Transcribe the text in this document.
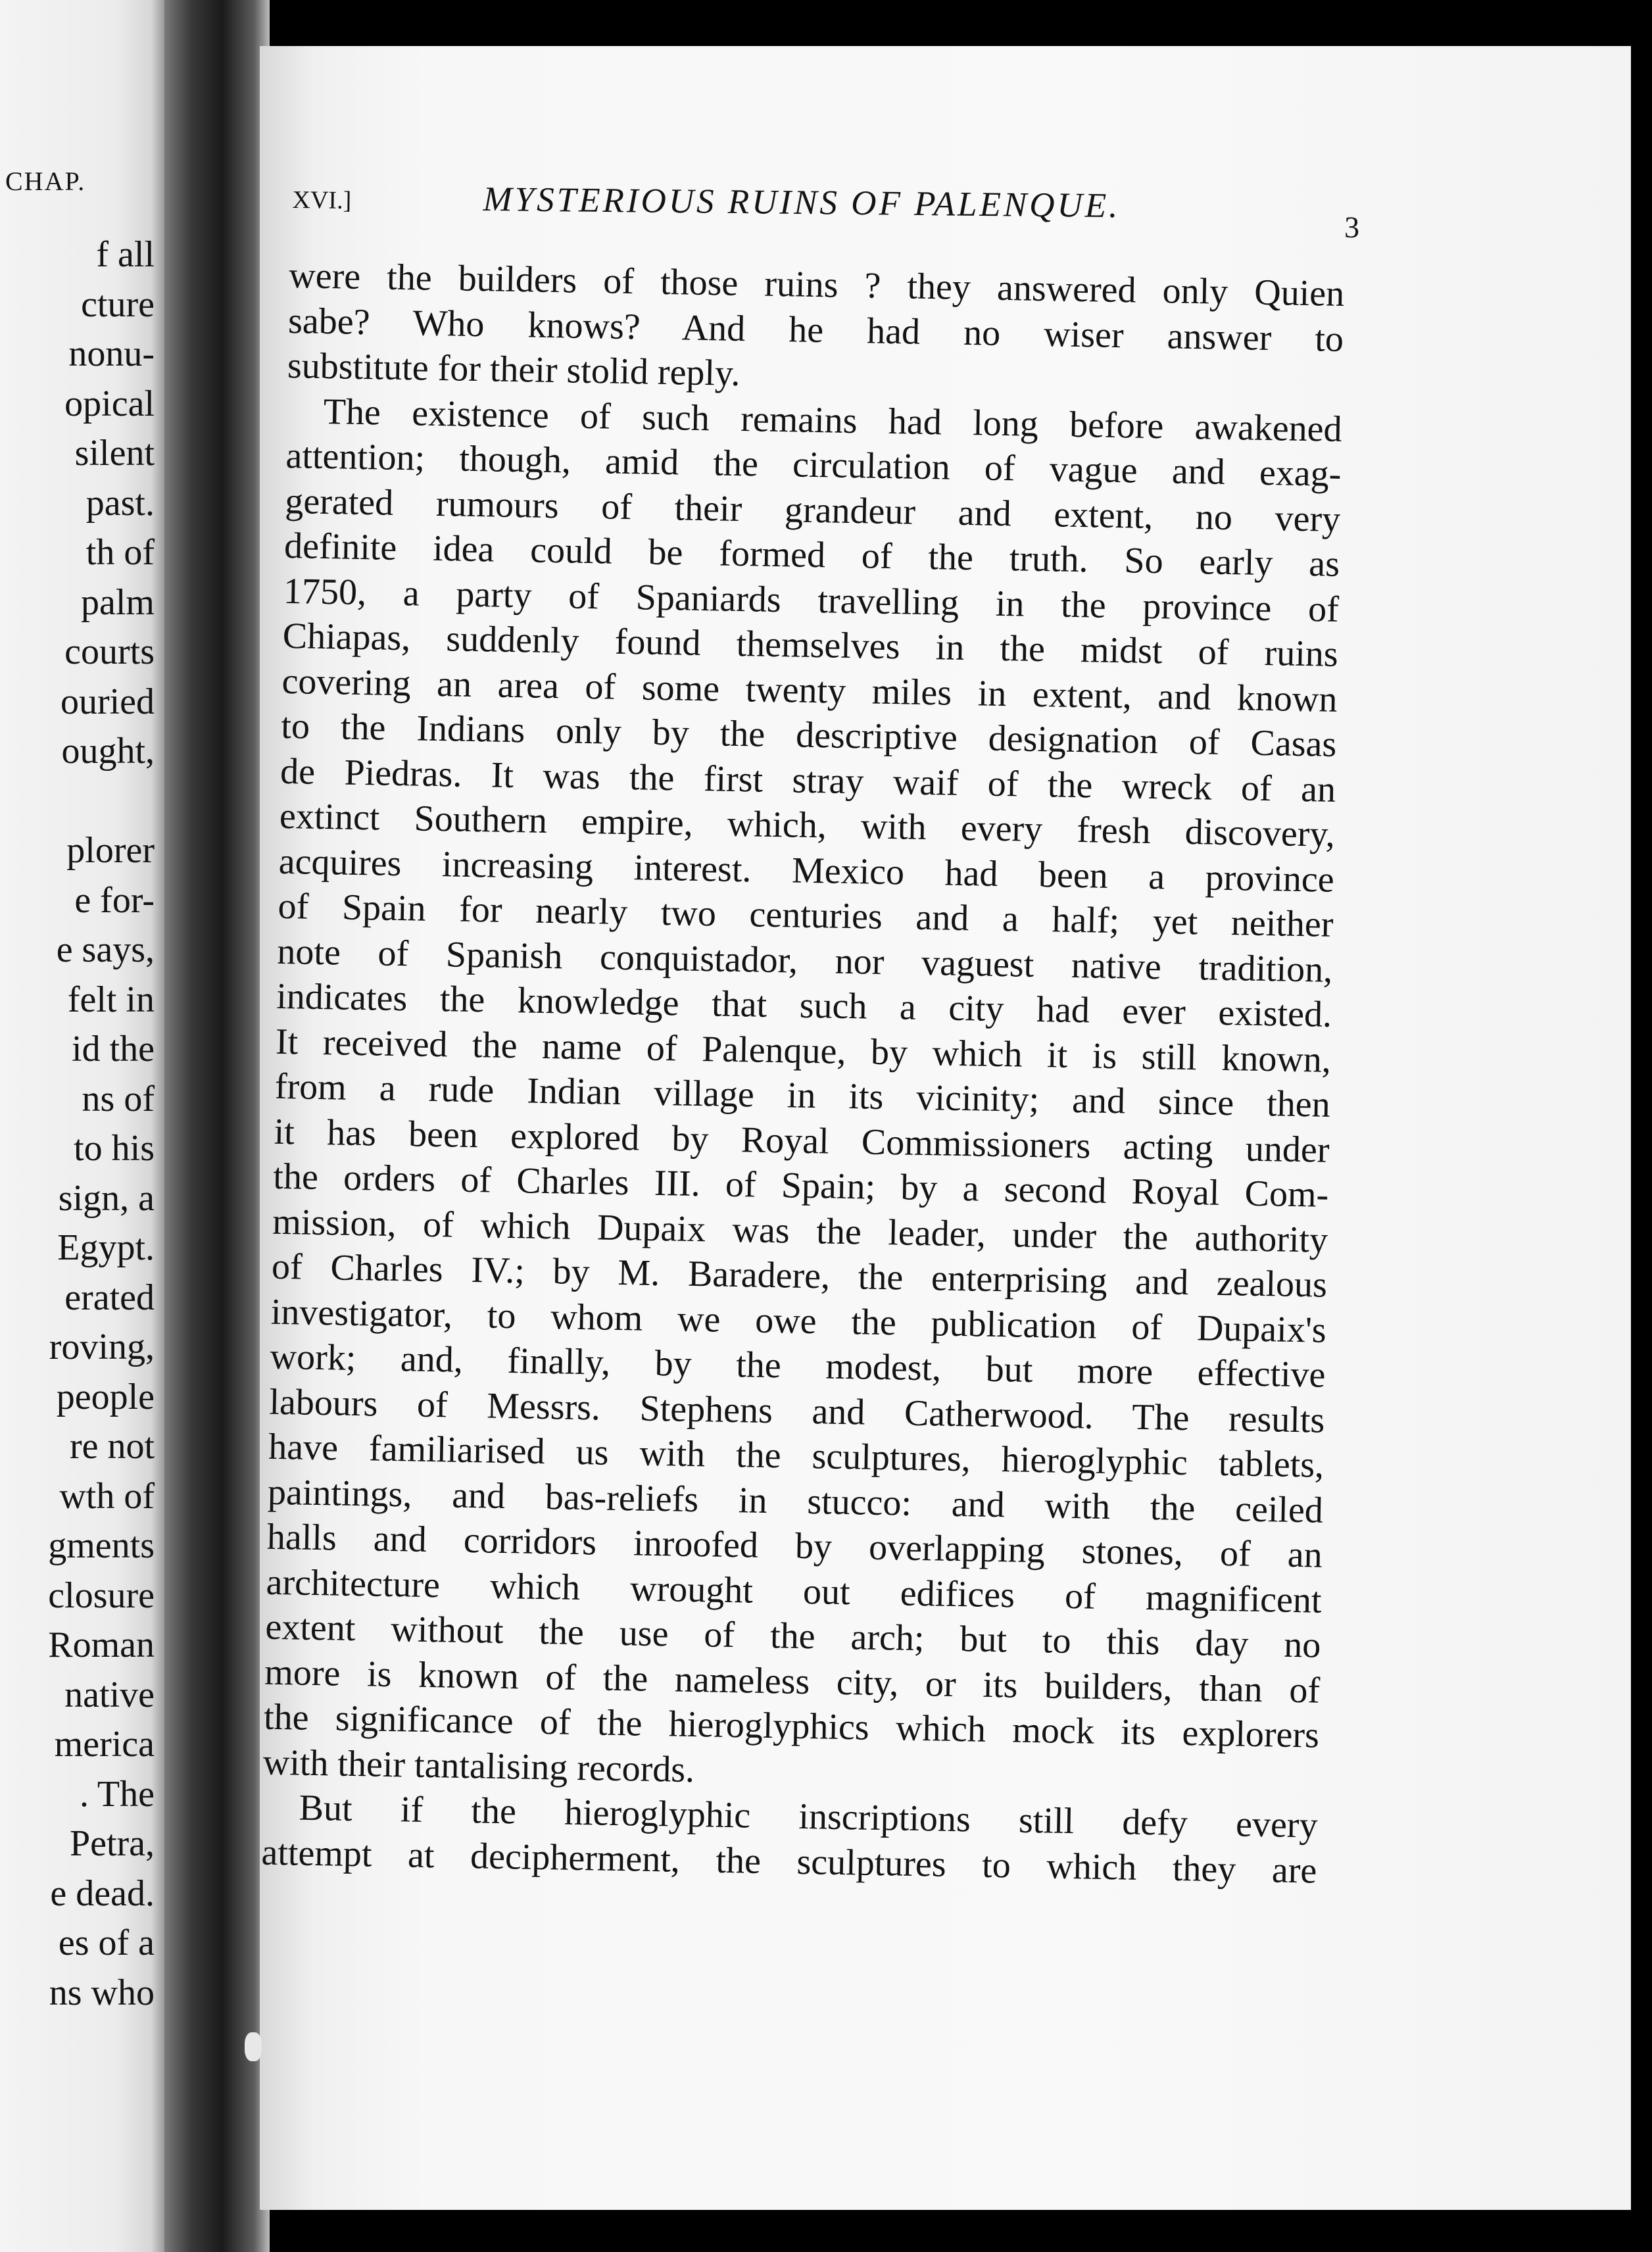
CHAP.
f all
cture
nonu-
opical
silent
past.
th of
palm
courts
ouried
ought,

plorer
e for-
e says,
felt in
id the
ns of
to his
sign, a
Egypt.
erated
roving,
people
re not
wth of
gments
closure
Roman
native
merica
. The
Petra,
e dead.
es of a
ns who
XVI.]	MYSTERIOUS RUINS OF PALENQUE.
3
were the builders of those ruins ? they answered only Quien
sabe? Who knows? And he had no wiser answer to
substitute for their stolid reply.
The existence of such remains had long before awakened
attention; though, amid the circulation of vague and exag-
gerated rumours of their grandeur and extent, no very
definite idea could be formed of the truth. So early as
1750, a party of Spaniards travelling in the province of
Chiapas, suddenly found themselves in the midst of ruins
covering an area of some twenty miles in extent, and known
to the Indians only by the descriptive designation of Casas
de Piedras. It was the first stray waif of the wreck of an
extinct Southern empire, which, with every fresh discovery,
acquires increasing interest. Mexico had been a province
of Spain for nearly two centuries and a half; yet neither
note of Spanish conquistador, nor vaguest native tradition,
indicates the knowledge that such a city had ever existed.
It received the name of Palenque, by which it is still known,
from a rude Indian village in its vicinity; and since then
it has been explored by Royal Commissioners acting under
the orders of Charles III. of Spain; by a second Royal Com-
mission, of which Dupaix was the leader, under the authority
of Charles IV.; by M. Baradere, the enterprising and zealous
investigator, to whom we owe the publication of Dupaix's
work; and, finally, by the modest, but more effective
labours of Messrs. Stephens and Catherwood. The results
have familiarised us with the sculptures, hieroglyphic tablets,
paintings, and bas-reliefs in stucco: and with the ceiled
halls and corridors inroofed by overlapping stones, of an
architecture which wrought out edifices of magnificent
extent without the use of the arch; but to this day no
more is known of the nameless city, or its builders, than of
the significance of the hieroglyphics which mock its explorers
with their tantalising records.
But if the hieroglyphic inscriptions still defy every
attempt at decipherment, the sculptures to which they are
